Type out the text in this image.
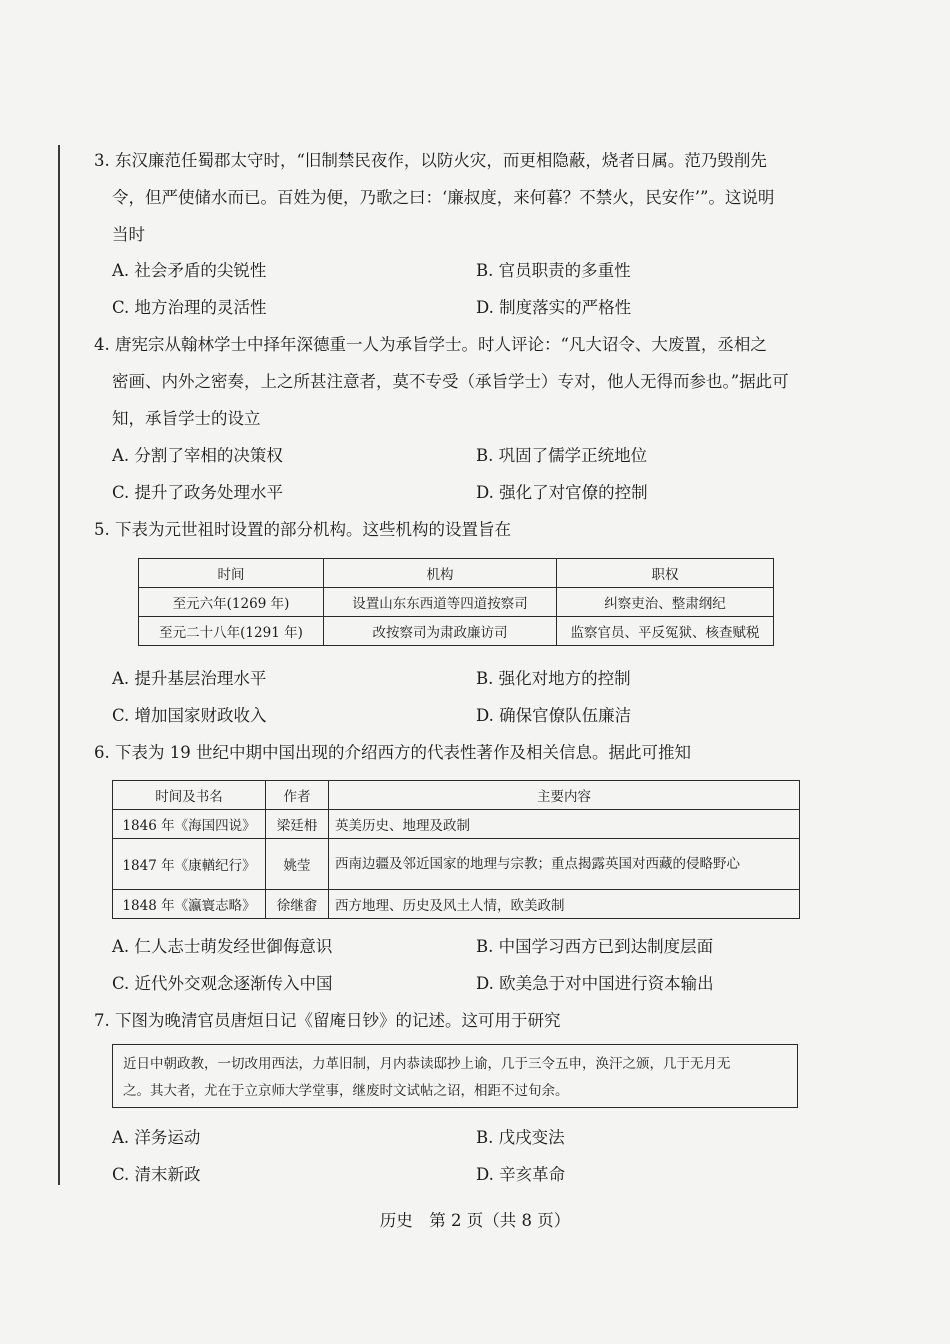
3. 东汉廉范任蜀郡太守时，“旧制禁民夜作，以防火灾，而更相隐蔽，烧者日属。范乃毁削先
令，但严使储水而已。百姓为便，乃歌之曰：‘廉叔度，来何暮？不禁火，民安作’”。这说明
当时
A. 社会矛盾的尖锐性	B. 官员职责的多重性
C. 地方治理的灵活性	D. 制度落实的严格性
4. 唐宪宗从翰林学士中择年深德重一人为承旨学士。时人评论：“凡大诏令、大废置，丞相之
密画、内外之密奏，上之所甚注意者，莫不专受（承旨学士）专对，他人无得而参也。”据此可
知，承旨学士的设立
A. 分割了宰相的决策权	B. 巩固了儒学正统地位
C. 提升了政务处理水平	D. 强化了对官僚的控制
5. 下表为元世祖时设置的部分机构。这些机构的设置旨在
时间	机构	职权
至元六年(1269 年)	设置山东东西道等四道按察司	纠察吏治、整肃纲纪
至元二十八年(1291 年)	改按察司为肃政廉访司	监察官员、平反冤狱、核查赋税
A. 提升基层治理水平	B. 强化对地方的控制
C. 增加国家财政收入	D. 确保官僚队伍廉洁
6. 下表为 19 世纪中期中国出现的介绍西方的代表性著作及相关信息。据此可推知
时间及书名	作者	主要内容
1846 年《海国四说》	梁廷枏	英美历史、地理及政制
1847 年《康輶纪行》	姚莹	西南边疆及邻近国家的地理与宗教；重点揭露英国对西藏的侵略野心
1848 年《瀛寰志略》	徐继畬	西方地理、历史及风土人情，欧美政制
A. 仁人志士萌发经世御侮意识	B. 中国学习西方已到达制度层面
C. 近代外交观念逐渐传入中国	D. 欧美急于对中国进行资本输出
7. 下图为晚清官员唐烜日记《留庵日钞》的记述。这可用于研究
近日中朝政教，一切改用西法，力革旧制，月内恭读邸抄上谕，几于三令五申，涣汗之颁，几于无月无
之。其大者，尤在于立京师大学堂事，继废时文试帖之诏，相距不过旬余。
A. 洋务运动	B. 戊戌变法
C. 清末新政	D. 辛亥革命
历史　第 2 页（共 8 页）
